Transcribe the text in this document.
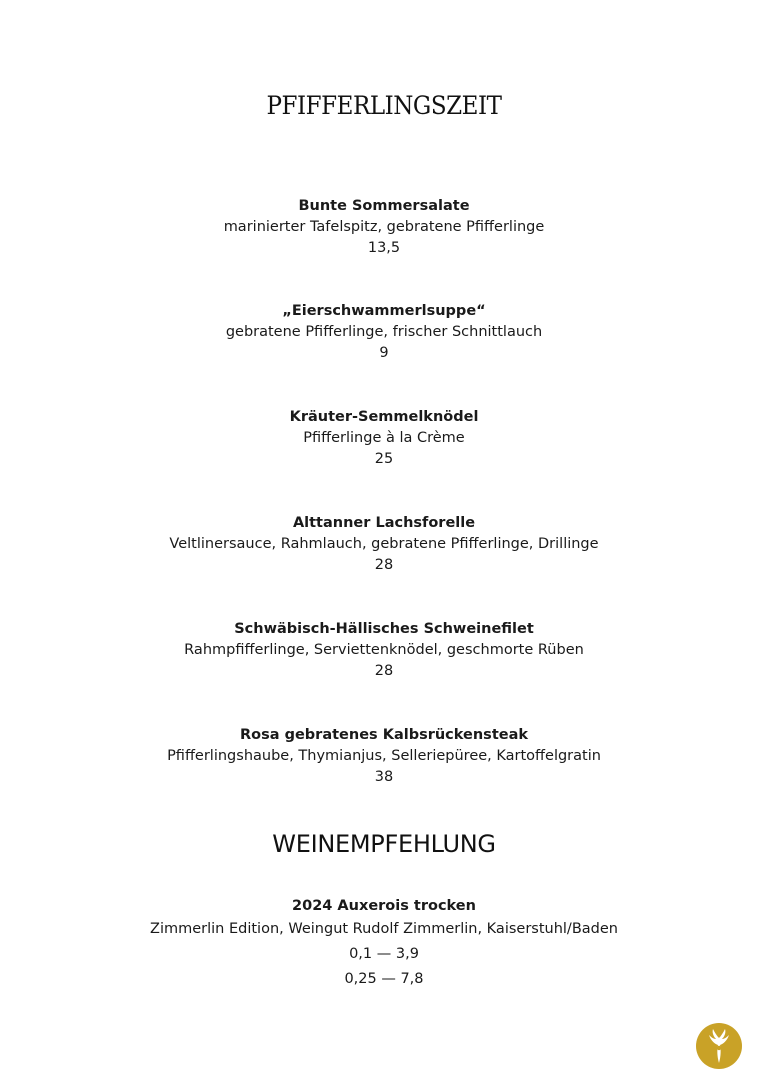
PFIFFERLINGSZEIT
Bunte Sommersalate
marinierter Tafelspitz, gebratene Pfifferlinge
13,5
„Eierschwammerlsuppe“
gebratene Pfifferlinge, frischer Schnittlauch
9
Kräuter-Semmelknödel
Pfifferlinge à la Crème
25
Alttanner Lachsforelle
Veltlinersauce, Rahmlauch, gebratene Pfifferlinge, Drillinge
28
Schwäbisch-Hällisches Schweinefilet
Rahmpfifferlinge, Serviettenknödel, geschmorte Rüben
28
Rosa gebratenes Kalbsrückensteak
Pfifferlingshaube, Thymianjus, Selleriepüree, Kartoffelgratin
38
WEINEMPFEHLUNG
2024 Auxerois trocken
Zimmerlin Edition, Weingut Rudolf Zimmerlin, Kaiserstuhl/Baden
0,1 — 3,9
0,25 — 7,8
